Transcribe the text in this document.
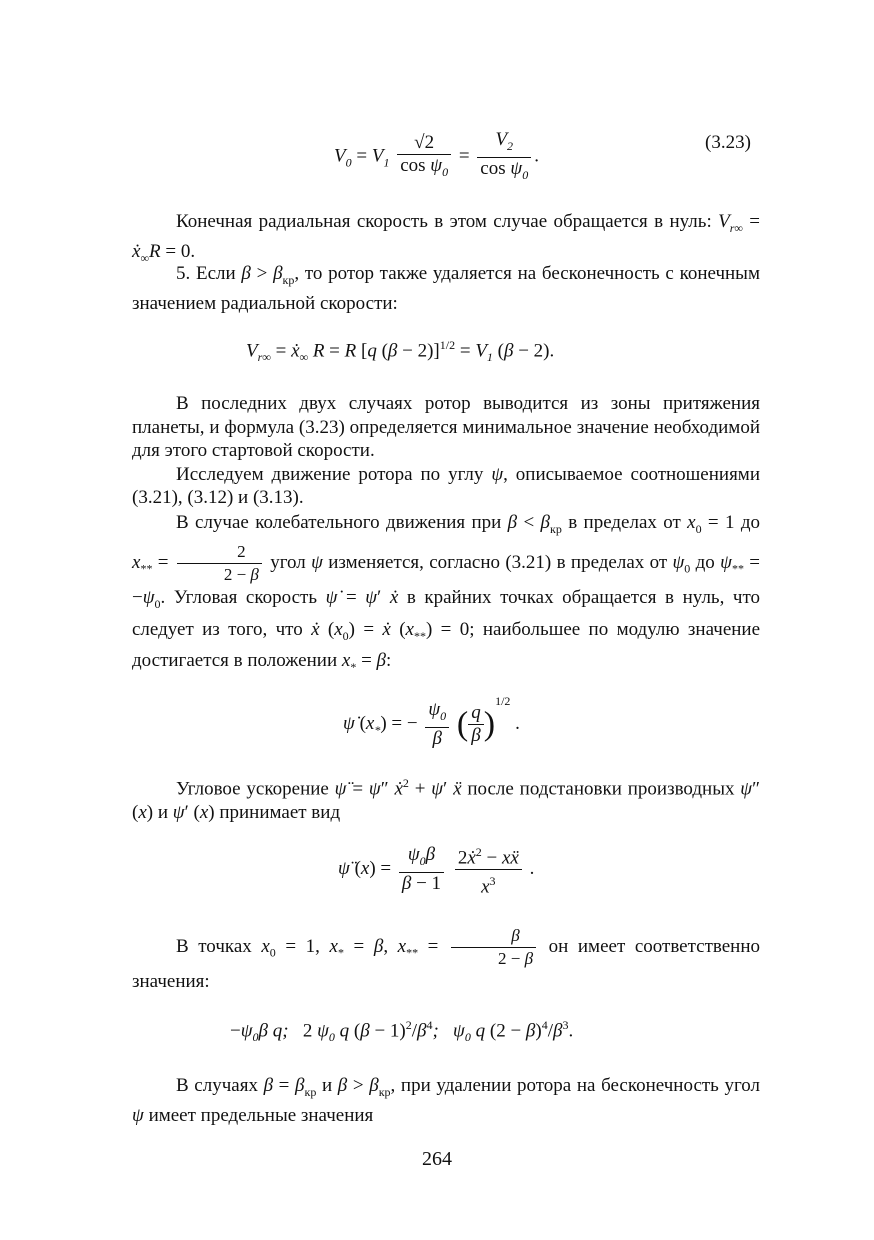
$V_0 = V_1 \frac{√2}{\cos \psi_0} = \frac{V_2}{\cos \psi_0}$ .
(3.23)

Конечная радиальная скорость в этом случае обращается в нуль: $V_{r\infty}$ = ẋ$_\infty$R = 0.

5. Если $\beta > \beta_{кр}$, то ротор также удаляется на бесконечность с конечным значением радиальной скорости:

$V_{r\infty}$ = ẋ$_\infty$ R = R [q $(\beta - 2)]^{1/2} = V_1$ (β − 2).

В последних двух случаях ротор выводится из зоны притяжения планеты, и формула (3.23) определяется минимальное значение необходимой для этого стартовой скорости.

Исследуем движение ротора по углу ψ, описываемое соотношениями (3.21), (3.12) и (3.13).

В случае колебательного движения при $\beta < \beta_{кр}$ в пределах от $x_0 = 1$ до $x_{**} = \frac{2}{2 - \beta}$ угол ψ изменяется, согласно (3.21) в пределах от $\psi_0$ до $\psi_{**} = -\psi_0$. Угловая скорость ψ̇ = ψ′ ẋ в крайних точках обращается в нуль, что следует из того, что ẋ $(x_0)$ = ẋ $(x_{**}) = 0$; наибольшее по модулю значение достигается в положении $x_* = \beta$:

ψ̇ $(x_*)$ = − $\frac{\psi_0}{\beta}$ ( $\frac{q}{\beta} )^{1/2}$ .

Угловое ускорение ψ̈ = ψ″ ẋ$^2$ + ψ′ ẍ после подстановки производных ψ″ (x) и ψ′ (x) принимает вид

ψ̈ $(x) = \frac{\psi_0\beta}{\beta - 1}$
$\frac{2ẋ^2 - xẍ}{x^3}$ .

В точках $x_0 = 1$, $x_* = \beta$, $x_{**} = \frac{\beta}{2 - \beta}$ он имеет соответственно значения:

$-\psi_0\beta$ q;   2 $\psi_0$ q $(\beta - 1)^2/\beta^4$;   $\psi_0$ q $(2 - \beta)^4/\beta^3$.

В случаях $\beta = \beta_{кр}$ и $\beta > \beta_{кр}$, при удалении ротора на бесконечность угол ψ имеет предельные значения

264
